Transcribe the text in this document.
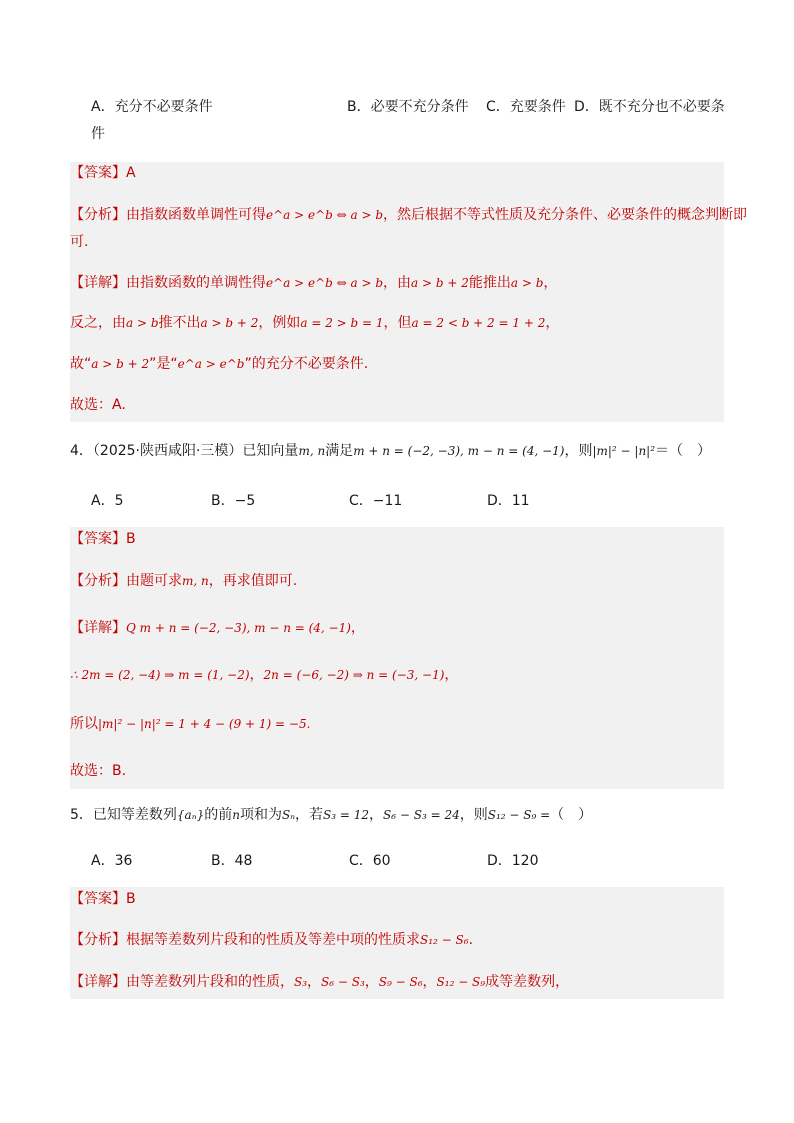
A．充分不必要条件	B．必要不充分条件 C．充要条件 D．既不充分也不必要条
件
【答案】A
【分析】由指数函数单调性可得e^a > e^b ⇔ a > b，然后根据不等式性质及充分条件、必要条件的概念判断即
可.
【详解】由指数函数的单调性得e^a > e^b ⇔ a > b，由a > b + 2能推出a > b，
反之，由a > b推不出a > b + 2，例如a = 2 > b = 1，但a = 2 < b + 2 = 1 + 2，
故“a > b + 2”是“e^a > e^b”的充分不必要条件.
故选：A.
4．（2025·陕西咸阳·三模）已知向量m, n满足m + n = (−2, −3), m − n = (4, −1)，则|m|² − |n|²＝（　）
A．5	B．−5	C．−11	D．11
【答案】B
【分析】由题可求m, n，再求值即可.
【详解】Q m + n = (−2, −3), m − n = (4, −1)，
∴ 2m = (2, −4) ⇒ m = (1, −2)，2n = (−6, −2) ⇒ n = (−3, −1)，
所以|m|² − |n|² = 1 + 4 − (9 + 1) = −5.
故选：B.
5．已知等差数列{aₙ}的前n项和为Sₙ，若S₃ = 12，S₆ − S₃ = 24，则S₁₂ − S₉ =（　）
A．36	B．48	C．60	D．120
【答案】B
【分析】根据等差数列片段和的性质及等差中项的性质求S₁₂ − S₆.
【详解】由等差数列片段和的性质，S₃，S₆ − S₃，S₉ − S₆，S₁₂ − S₉成等差数列，
